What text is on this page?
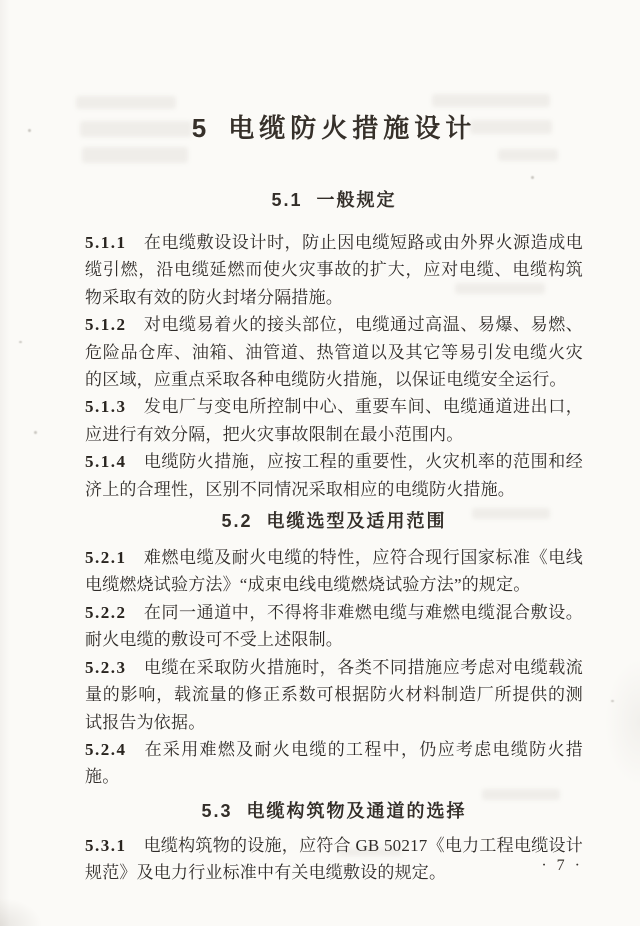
5 电缆防火措施设计
5.1 一般规定

5.1.1 在电缆敷设设计时，防止因电缆短路或由外界火源造成电缆引燃，沿电缆延燃而使火灾事故的扩大，应对电缆、电缆构筑物采取有效的防火封堵分隔措施。

5.1.2 对电缆易着火的接头部位，电缆通过高温、易爆、易燃、危险品仓库、油箱、油管道、热管道以及其它等易引发电缆火灾的区域，应重点采取各种电缆防火措施，以保证电缆安全运行。

5.1.3 发电厂与变电所控制中心、重要车间、电缆通道进出口，应进行有效分隔，把火灾事故限制在最小范围内。

5.1.4 电缆防火措施，应按工程的重要性，火灾机率的范围和经济上的合理性，区别不同情况采取相应的电缆防火措施。

5.2 电缆选型及适用范围

5.2.1 难燃电缆及耐火电缆的特性，应符合现行国家标准《电线电缆燃烧试验方法》“成束电线电缆燃烧试验方法”的规定。

5.2.2 在同一通道中，不得将非难燃电缆与难燃电缆混合敷设。耐火电缆的敷设可不受上述限制。

5.2.3 电缆在采取防火措施时，各类不同措施应考虑对电缆载流量的影响，载流量的修正系数可根据防火材料制造厂所提供的测试报告为依据。

5.2.4 在采用难燃及耐火电缆的工程中，仍应考虑电缆防火措施。

5.3 电缆构筑物及通道的选择

5.3.1 电缆构筑物的设施，应符合 GB 50217《电力工程电缆设计规范》及电力行业标准中有关电缆敷设的规定。	· 7 ·
